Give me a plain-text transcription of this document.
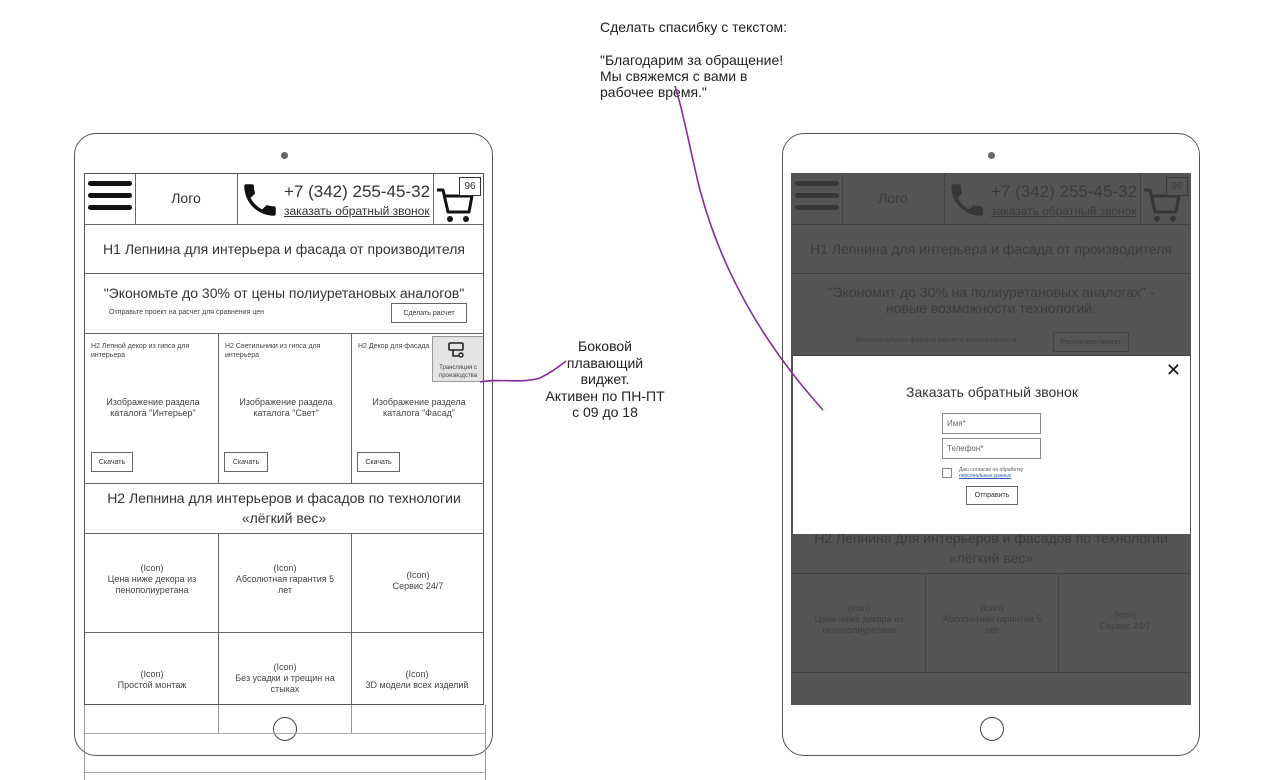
Сделать спасибку с текстом:
"Благодарим за обращение!
Мы свяжемся с вами в
рабочее время."
Боковой
плавающий
виджет.
Активен по ПН-ПТ
с 09 до 18
Лого	+7 (342) 255-45-32
заказать обратный звонок
96
H1 Лепнина для интерьера и фасада от производителя
"Экономьте до 30% от цены полиуретановых аналогов"
Отправьте проект на расчет для сравнения цен	Сделать расчет
H2 Лепной декор из гипса для интерьера
Изображение раздела каталога "Интерьер"
Скачать
H2 Светильники из гипса для интерьера
Изображение раздела каталога "Свет"
Скачать
H2 Декор для фасада
Изображение раздела каталога "Фасад"
Скачать
Трансляция с производства
H2 Лепнина для интерьеров и фасадов по технологии
«лёгкий вес»
(Icon)
Цена ниже декора из пенополиуретана
(Icon)
Абсолютная гарантия 5 лет
(Icon)
Сервис 24/7
(Icon)
Простой монтаж
(Icon)
Без усадки и трещин на стыках
(Icon)
3D модели всех изделий
✕
Заказать обратный звонок
Имя*
Телефон*
Даю согласие на обработку
персональных данных
Отправить
